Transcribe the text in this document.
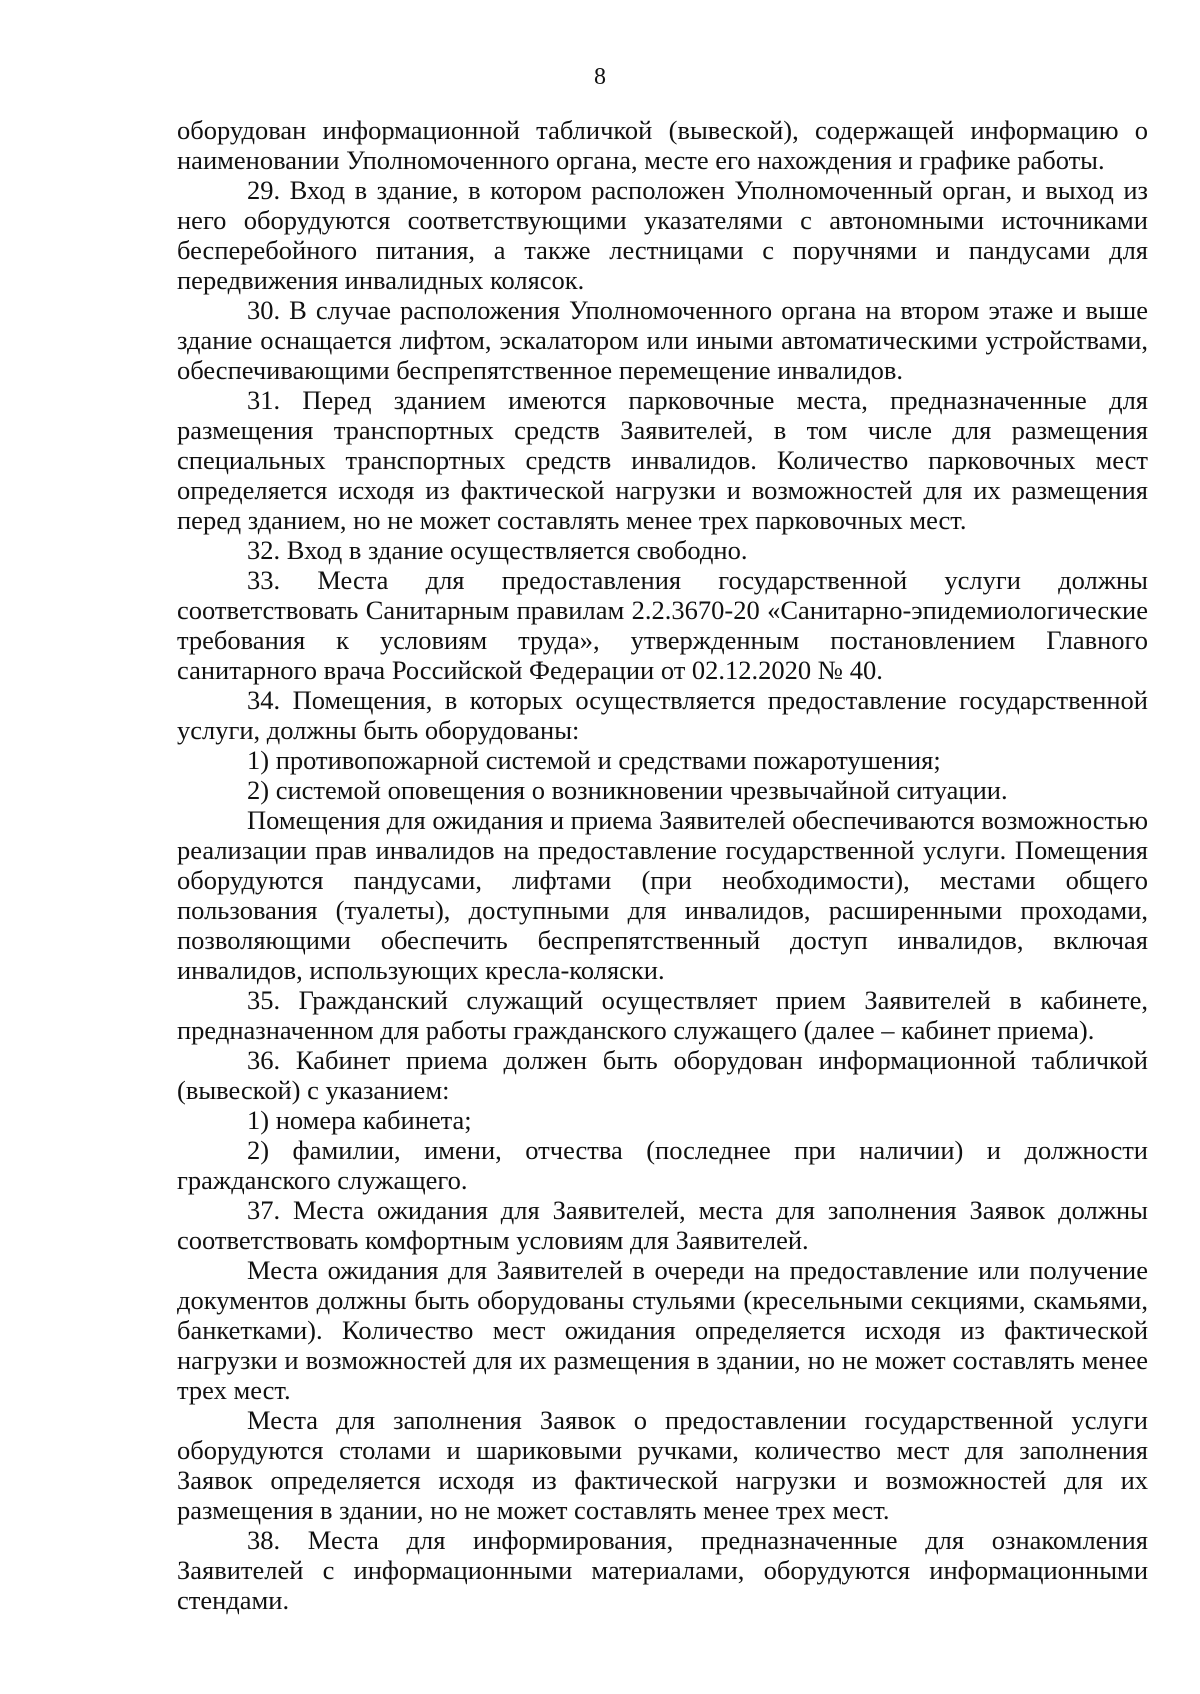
8

оборудован информационной табличкой (вывеской), содержащей информацию о наименовании Уполномоченного органа, месте его нахождения и графике работы.

29. Вход в здание, в котором расположен Уполномоченный орган, и выход из него оборудуются соответствующими указателями с автономными источниками бесперебойного питания, а также лестницами с поручнями и пандусами для передвижения инвалидных колясок.

30. В случае расположения Уполномоченного органа на втором этаже и выше здание оснащается лифтом, эскалатором или иными автоматическими устройствами, обеспечивающими беспрепятственное перемещение инвалидов.

31. Перед зданием имеются парковочные места, предназначенные для размещения транспортных средств Заявителей, в том числе для размещения специальных транспортных средств инвалидов. Количество парковочных мест определяется исходя из фактической нагрузки и возможностей для их размещения перед зданием, но не может составлять менее трех парковочных мест.

32. Вход в здание осуществляется свободно.

33. Места для предоставления государственной услуги должны соответствовать Санитарным правилам 2.2.3670-20 «Санитарно-эпидемиологические требования к условиям труда», утвержденным постановлением Главного санитарного врача Российской Федерации от 02.12.2020 № 40.

34. Помещения, в которых осуществляется предоставление государственной услуги, должны быть оборудованы:

1) противопожарной системой и средствами пожаротушения;

2) системой оповещения о возникновении чрезвычайной ситуации.

Помещения для ожидания и приема Заявителей обеспечиваются возможностью реализации прав инвалидов на предоставление государственной услуги. Помещения оборудуются пандусами, лифтами (при необходимости), местами общего пользования (туалеты), доступными для инвалидов, расширенными проходами, позволяющими обеспечить беспрепятственный доступ инвалидов, включая инвалидов, использующих кресла-коляски.

35. Гражданский служащий осуществляет прием Заявителей в кабинете, предназначенном для работы гражданского служащего (далее – кабинет приема).

36. Кабинет приема должен быть оборудован информационной табличкой (вывеской) с указанием:

1) номера кабинета;

2) фамилии, имени, отчества (последнее при наличии) и должности гражданского служащего.

37. Места ожидания для Заявителей, места для заполнения Заявок должны соответствовать комфортным условиям для Заявителей.

Места ожидания для Заявителей в очереди на предоставление или получение документов должны быть оборудованы стульями (кресельными секциями, скамьями, банкетками). Количество мест ожидания определяется исходя из фактической нагрузки и возможностей для их размещения в здании, но не может составлять менее трех мест.

Места для заполнения Заявок о предоставлении государственной услуги оборудуются столами и шариковыми ручками, количество мест для заполнения Заявок определяется исходя из фактической нагрузки и возможностей для их размещения в здании, но не может составлять менее трех мест.

38. Места для информирования, предназначенные для ознакомления Заявителей с информационными материалами, оборудуются информационными стендами.
